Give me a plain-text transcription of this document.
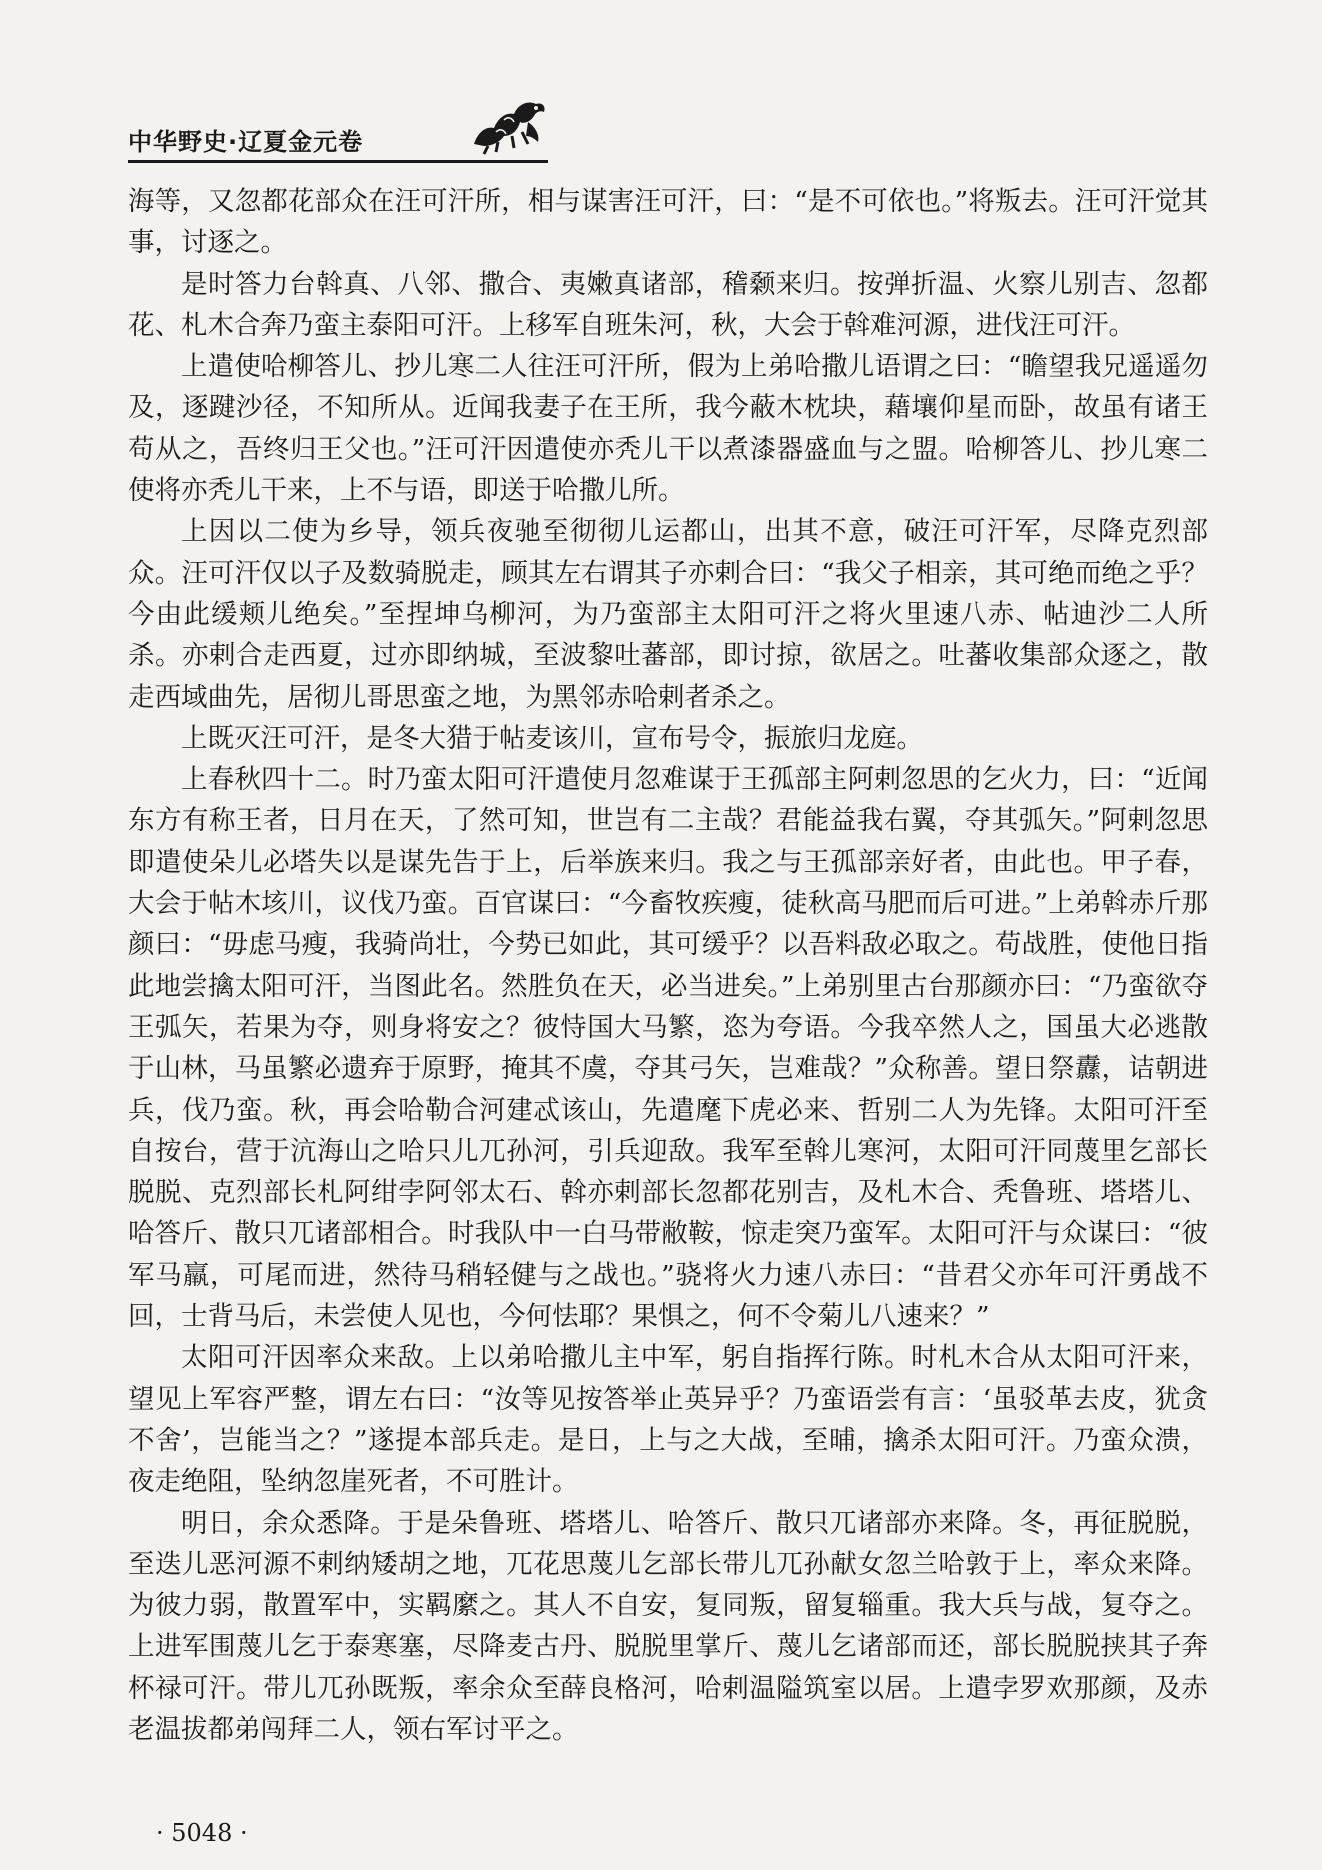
中华野史·辽夏金元卷

海等，又忽都花部众在汪可汗所，相与谋害汪可汗，曰：“是不可依也。”将叛去。汪可汗觉其事，讨逐之。

是时答力台斡真、八邻、撒合、夷嫩真诸部，稽颡来归。按弹折温、火察儿别吉、忽都花、札木合奔乃蛮主泰阳可汗。上移军自班朱河，秋，大会于斡难河源，进伐汪可汗。

上遣使哈柳答儿、抄儿寒二人往汪可汗所，假为上弟哈撒儿语谓之曰：“瞻望我兄遥遥勿及，逐踺沙径，不知所从。近闻我妻子在王所，我今蔽木枕块，藉壤仰星而卧，故虽有诸王苟从之，吾终归王父也。”汪可汗因遣使亦秃儿干以煮漆器盛血与之盟。哈柳答儿、抄儿寒二使将亦秃儿干来，上不与语，即送于哈撒儿所。

上因以二使为乡导，领兵夜驰至彻彻儿运都山，出其不意，破汪可汗军，尽降克烈部众。汪可汗仅以子及数骑脱走，顾其左右谓其子亦剌合曰：“我父子相亲，其可绝而绝之乎？今由此缓颊儿绝矣。”至捏坤乌柳河，为乃蛮部主太阳可汗之将火里速八赤、帖迪沙二人所杀。亦剌合走西夏，过亦即纳城，至波黎吐蕃部，即讨掠，欲居之。吐蕃收集部众逐之，散走西域曲先，居彻儿哥思蛮之地，为黑邻赤哈剌者杀之。

上既灭汪可汗，是冬大猎于帖麦该川，宣布号令，振旅归龙庭。

上春秋四十二。时乃蛮太阳可汗遣使月忽难谋于王孤部主阿剌忽思的乞火力，曰：“近闻东方有称王者，日月在天，了然可知，世岂有二主哉？君能益我右翼，夺其弧矢。”阿剌忽思即遣使朵儿必塔失以是谋先告于上，后举族来归。我之与王孤部亲好者，由此也。甲子春，大会于帖木垓川，议伐乃蛮。百官谋曰：“今畜牧疾瘦，徒秋高马肥而后可进。”上弟斡赤斤那颜曰：“毋虑马瘦，我骑尚壮，今势已如此，其可缓乎？以吾料敌必取之。苟战胜，使他日指此地尝擒太阳可汗，当图此名。然胜负在天，必当进矣。”上弟别里古台那颜亦曰：“乃蛮欲夺王弧矢，若果为夺，则身将安之？彼恃国大马繁，恣为夸语。今我卒然人之，国虽大必逃散于山林，马虽繁必遗弃于原野，掩其不虞，夺其弓矢，岂难哉？”众称善。望日祭纛，诘朝进兵，伐乃蛮。秋，再会哈勒合河建忒该山，先遣麾下虎必来、哲别二人为先锋。太阳可汗至自按台，营于沆海山之哈只儿兀孙河，引兵迎敌。我军至斡儿寒河，太阳可汗同蔑里乞部长脱脱、克烈部长札阿绀孛阿邻太石、斡亦剌部长忽都花别吉，及札木合、秃鲁班、塔塔儿、哈答斤、散只兀诸部相合。时我队中一白马带敝鞍，惊走突乃蛮军。太阳可汗与众谋曰：“彼军马羸，可尾而进，然待马稍轻健与之战也。”骁将火力速八赤曰：“昔君父亦年可汗勇战不回，士背马后，未尝使人见也，今何怯耶？果惧之，何不令菊儿八速来？”

太阳可汗因率众来敌。上以弟哈撒儿主中军，躬自指挥行陈。时札木合从太阳可汗来，望见上军容严整，谓左右曰：“汝等见按答举止英异乎？乃蛮语尝有言：‘虽驳革去皮，犹贪不舍’，岂能当之？”遂提本部兵走。是日，上与之大战，至晡，擒杀太阳可汗。乃蛮众溃，夜走绝阻，坠纳忽崖死者，不可胜计。

明日，余众悉降。于是朵鲁班、塔塔儿、哈答斤、散只兀诸部亦来降。冬，再征脱脱，至迭儿恶河源不剌纳矮胡之地，兀花思蔑儿乞部长带儿兀孙献女忽兰哈敦于上，率众来降。为彼力弱，散置军中，实羁縻之。其人不自安，复同叛，留复辎重。我大兵与战，复夺之。上进军围蔑儿乞于泰寒塞，尽降麦古丹、脱脱里掌斤、蔑儿乞诸部而还，部长脱脱挟其子奔杯禄可汗。带儿兀孙既叛，率余众至薛良格河，哈剌温隘筑室以居。上遣孛罗欢那颜，及赤老温拔都弟闯拜二人，领右军讨平之。

· 5048 ·
